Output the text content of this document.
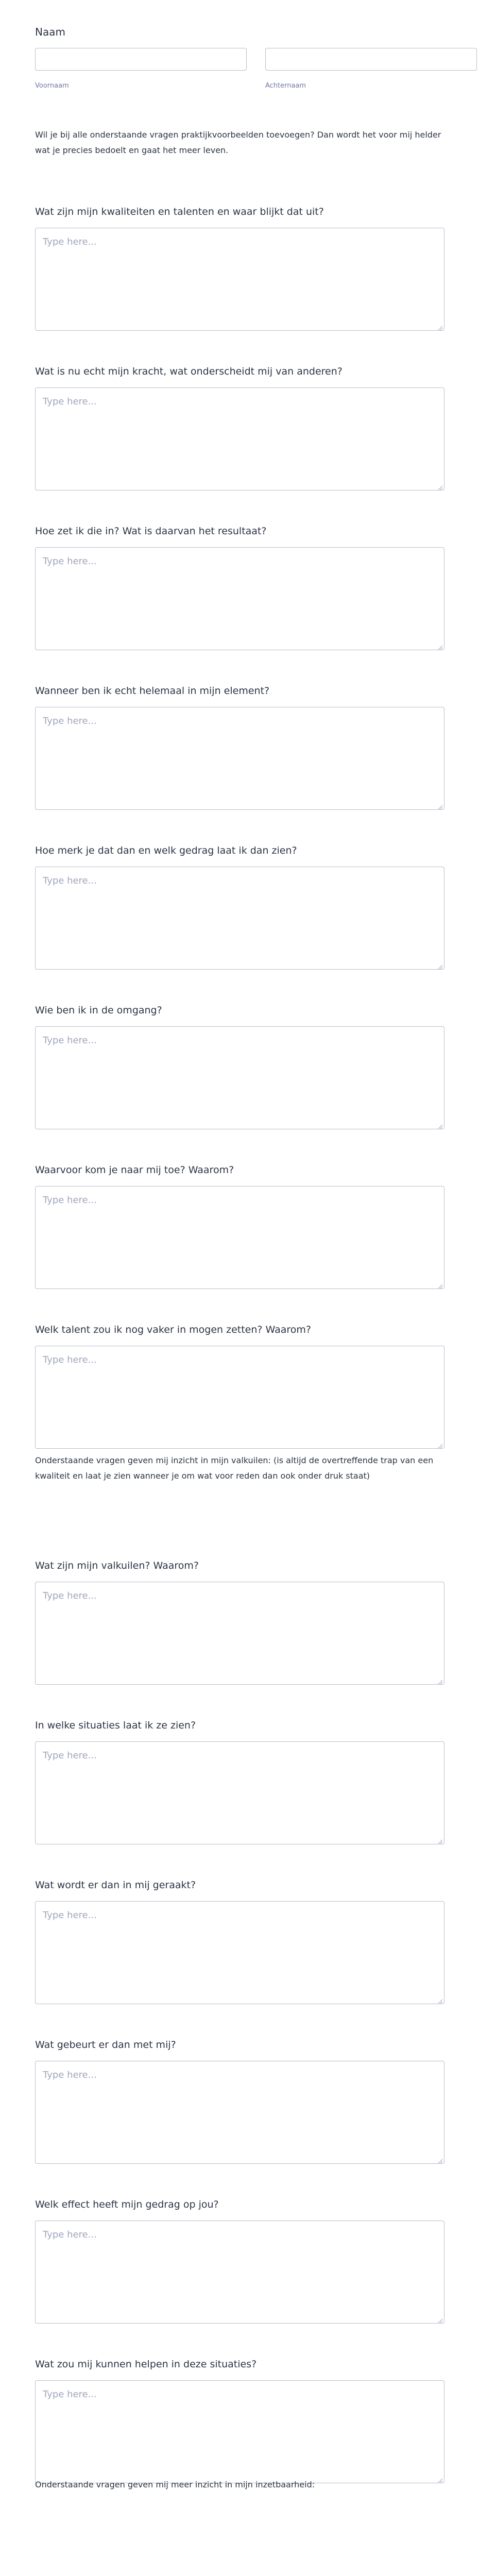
Naam
Voornaam	Achternaam
Wil je bij alle onderstaande vragen praktijkvoorbeelden toevoegen? Dan wordt het voor mij helder wat je precies bedoelt en gaat het meer leven.
Wat zijn mijn kwaliteiten en talenten en waar blijkt dat uit?
Type here...
Wat is nu echt mijn kracht, wat onderscheidt mij van anderen?
Type here...
Hoe zet ik die in? Wat is daarvan het resultaat?
Type here...
Wanneer ben ik echt helemaal in mijn element?
Type here...
Hoe merk je dat dan en welk gedrag laat ik dan zien?
Type here...
Wie ben ik in de omgang?
Type here...
Waarvoor kom je naar mij toe? Waarom?
Type here...
Welk talent zou ik nog vaker in mogen zetten? Waarom?
Type here...
Wat zijn mijn valkuilen? Waarom?
Type here...
In welke situaties laat ik ze zien?
Type here...
Wat wordt er dan in mij geraakt?
Type here...
Wat gebeurt er dan met mij?
Type here...
Welk effect heeft mijn gedrag op jou?
Type here...
Wat zou mij kunnen helpen in deze situaties?
Type here...
Onderstaande vragen geven mij inzicht in mijn valkuilen: (is altijd de overtreffende trap van een kwaliteit en laat je zien wanneer je om wat voor reden dan ook onder druk staat)
Onderstaande vragen geven mij meer inzicht in mijn inzetbaarheid:
